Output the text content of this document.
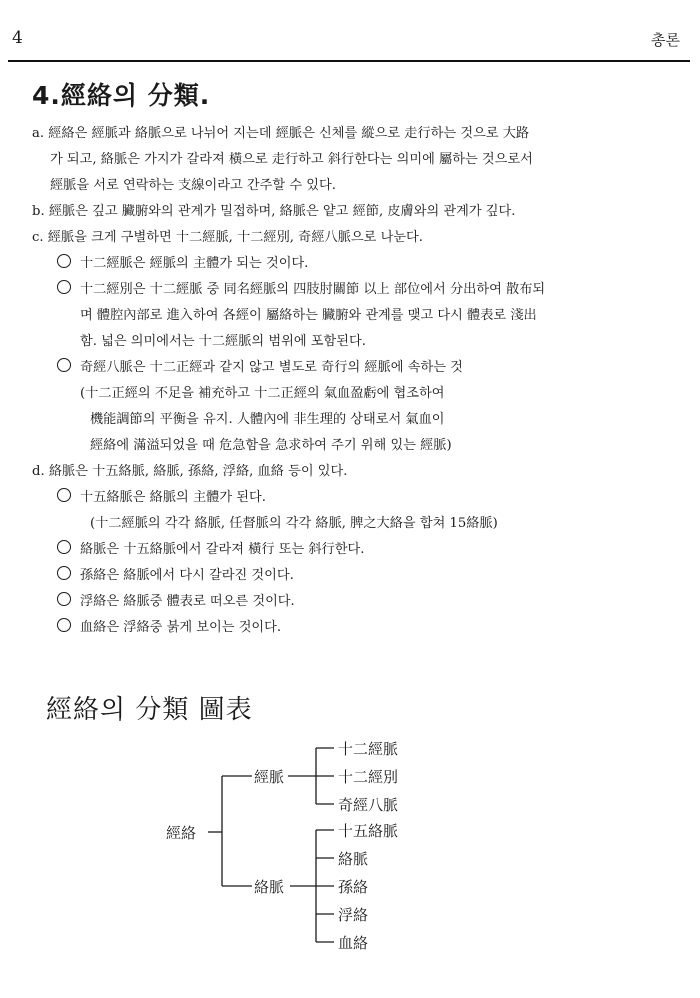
4	총론
4.經絡의 分類.
a. 經絡은 經脈과 絡脈으로 나뉘어 지는데 經脈은 신체를 縱으로 走行하는 것으로 大路
가 되고, 絡脈은 가지가 갈라져 橫으로 走行하고 斜行한다는 의미에 屬하는 것으로서
經脈을 서로 연락하는 支線이라고 간주할 수 있다.
b. 經脈은 깊고 臟腑와의 관계가 밀접하며, 絡脈은 얕고 經節, 皮膚와의 관계가 깊다.
c. 經脈을 크게 구별하면 十二經脈, 十二經別, 奇經八脈으로 나눈다.
十二經脈은 經脈의 主體가 되는 것이다.
十二經別은 十二經脈 중 同名經脈의 四肢肘關節 以上 部位에서 分出하여 散布되
며 體腔內部로 進入하여 各經이 屬絡하는 臟腑와 관계를 맺고 다시 體表로 淺出
함. 넓은 의미에서는 十二經脈의 범위에 포함된다.
奇經八脈은 十二正經과 같지 않고 별도로 奇行의 經脈에 속하는 것
(十二正經의 不足을 補充하고 十二正經의 氣血盈虧에 협조하여
機能調節의 平衡을 유지. 人體內에 非生理的 상태로서 氣血이
經絡에 滿溢되었을 때 危急함을 急求하여 주기 위해 있는 經脈)
d. 絡脈은 十五絡脈, 絡脈, 孫絡, 浮絡, 血絡 등이 있다.
十五絡脈은 絡脈의 主體가 된다.
(十二經脈의 각각 絡脈, 任督脈의 각각 絡脈, 脾之大絡을 합쳐 15絡脈)
絡脈은 十五絡脈에서 갈라져 橫行 또는 斜行한다.
孫絡은 絡脈에서 다시 갈라진 것이다.
浮絡은 絡脈중 體表로 떠오른 것이다.
血絡은 浮絡중 붉게 보이는 것이다.
經絡의 分類 圖表
經絡
經脈
十二經脈
十二經別
奇經八脈
絡脈
十五絡脈
絡脈
孫絡
浮絡
血絡
